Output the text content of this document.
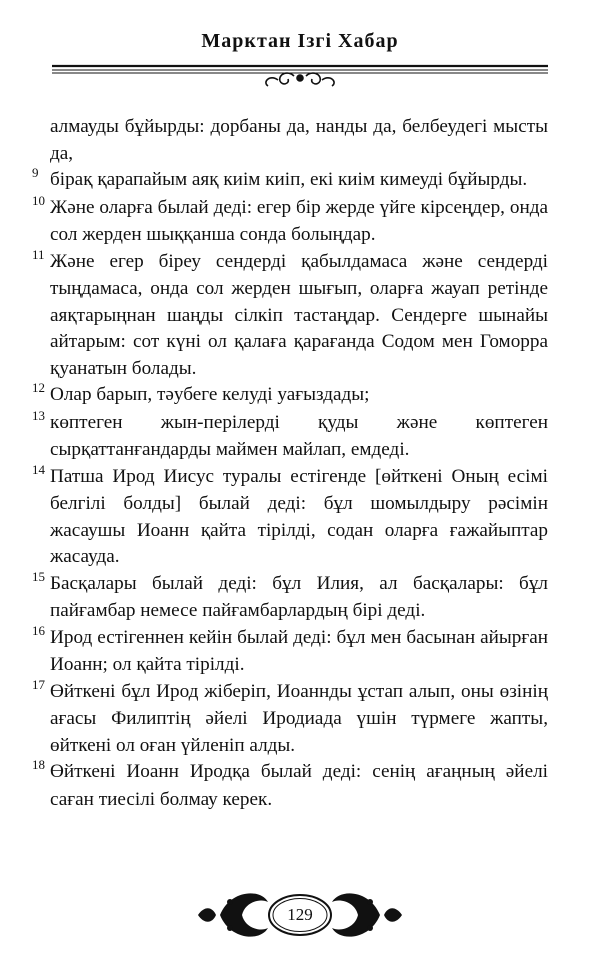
Марктан Ізгі Хабар

алмауды бұйырды: дорбаны да, нанды да, белбеудегі мысты да,

9 бірақ қарапайым аяқ киім киіп, екі киім кимеуді бұйырды.

10 Және оларға былай деді: егер бір жерде үйге кірсеңдер, онда сол жерден шыққанша сонда болыңдар.

11 Және егер біреу сендерді қабылдамаса және сендерді тыңдамаса, онда сол жерден шығып, оларға жауап ретінде аяқтарыңнан шаңды сілкіп тастаңдар. Сендерге шынайы айтарым: сот күні ол қалаға қарағанда Содом мен Гоморра қуанатын болады.

12 Олар барып, тәубеге келуді уағыздады;

13 көптеген жын-перілерді қуды және көптеген сырқаттанғандарды маймен майлап, емдеді.

14 Патша Ирод Иисус туралы естігенде [өйткені Оның есімі белгілі болды] былай деді: бұл шомылдыру рәсімін жасаушы Иоанн қайта тірілді, содан оларға ғажайыптар жасауда.

15 Басқалары былай деді: бұл Илия, ал басқалары: бұл пайғамбар немесе пайғамбарлардың бірі деді.

16 Ирод естігеннен кейін былай деді: бұл мен басынан айырған Иоанн; ол қайта тірілді.

17 Өйткені бұл Ирод жіберіп, Иоаннды ұстап алып, оны өзінің ағасы Филиптің әйелі Иродиада үшін түрмеге жапты, өйткені ол оған үйленіп алды.

18 Өйткені Иоанн Иродқа былай деді: сенің ағаңның әйелі саған тиесілі болмау керек.

129
